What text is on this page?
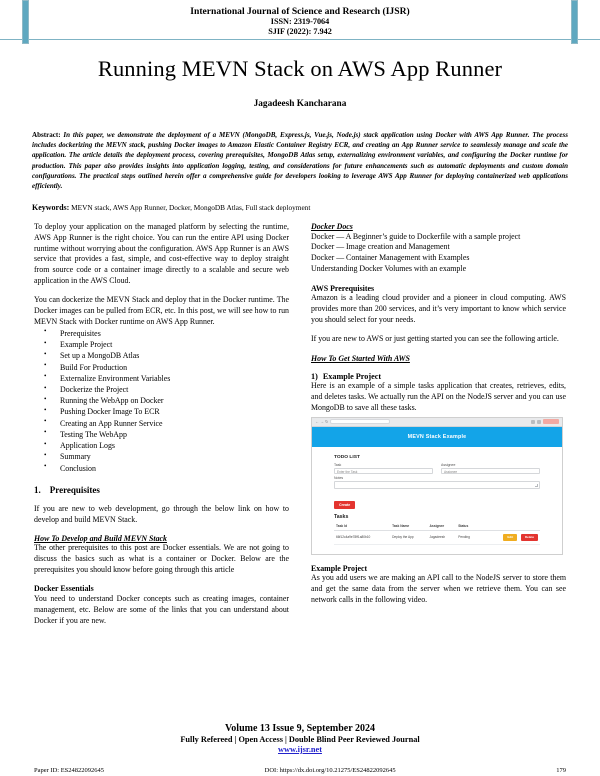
International Journal of Science and Research (IJSR)
ISSN: 2319-7064
SJIF (2022): 7.942
Running MEVN Stack on AWS App Runner
Jagadeesh Kancharana
Abstract: In this paper, we demonstrate the deployment of a MEVN (MongoDB, Express.js, Vue.js, Node.js) stack application using Docker with AWS App Runner. The process includes dockerizing the MEVN stack, pushing Docker images to Amazon Elastic Container Registry ECR, and creating an App Runner service to seamlessly manage and scale the application. The article details the deployment process, covering prerequisites, MongoDB Atlas setup, externalizing environment variables, and configuring the Docker runtime for production. This paper also provides insights into application logging, testing, and considerations for future enhancements such as automatic deployments and custom domain configurations. The practical steps outlined herein offer a comprehensive guide for developers looking to leverage AWS App Runner for deploying containerized web applications efficiently.
Keywords: MEVN stack, AWS App Runner, Docker, MongoDB Atlas, Full stack deployment

To deploy your application on the managed platform by selecting the runtime, AWS App Runner is the right choice. You can run the entire API using Docker runtime without worrying about the configuration. AWS App Runner is an AWS service that provides a fast, simple, and cost-effective way to deploy straight from source code or a container image directly to a scalable and secure web application in the AWS Cloud.

You can dockerize the MEVN Stack and deploy that in the Docker runtime. The Docker images can be pulled from ECR, etc. In this post, we will see how to run MEVN Stack with Docker runtime on AWS App Runner.

• Prerequisites
• Example Project
• Set up a MongoDB Atlas
• Build For Production
• Externalize Environment Variables
• Dockerize the Project
• Running the WebApp on Docker
• Pushing Docker Image To ECR
• Creating an App Runner Service
• Testing The WebApp
• Application Logs
• Summary
• Conclusion
1. Prerequisites

If you are new to web development, go through the below link on how to develop and build MEVN Stack.

How To Develop and Build MEVN Stack

The other prerequisites to this post are Docker essentials. We are not going to discuss the basics such as what is a container or Docker. Below are the prerequisites you should know before going through this article

Docker Essentials

You need to understand Docker concepts such as creating images, container management, etc. Below are some of the links that you can understand about Docker if you are new.

Docker Docs
Docker — A Beginner’s guide to Dockerfile with a sample project
Docker — Image creation and Management
Docker — Container Management with Examples
Understanding Docker Volumes with an example
AWS Prerequisites

Amazon is a leading cloud provider and a pioneer in cloud computing. AWS provides more than 200 services, and it’s very important to know which service you should select for your needs.

If you are new to AWS or just getting started you can see the following article.

How To Get Started With AWS
1) Example Project

Here is an example of a simple tasks application that creates, retrieves, edits, and deletes tasks. We actually run the API on the NodeJS server and you can use MongoDB to save all these tasks.

← → ↻
MEVN Stack Example
TODO LIST
Task
Enter the Task
Assignee
Assignee
Notes
Create
Tasks
Task Id	Task Name	Assignee	Status	
66f12c4a9e78ff1a80b10	Deploy the App	Jagadeesh	Pending	Edit Delete
Example Project

As you add users we are making an API call to the NodeJS server to store them and get the same data from the server when we retrieve them. You can see network calls in the following video.

Volume 13 Issue 9, September 2024
Fully Refereed | Open Access | Double Blind Peer Reviewed Journal
www.ijsr.net
Paper ID: ES24822092645	DOI: https://dx.doi.org/10.21275/ES24822092645	179
